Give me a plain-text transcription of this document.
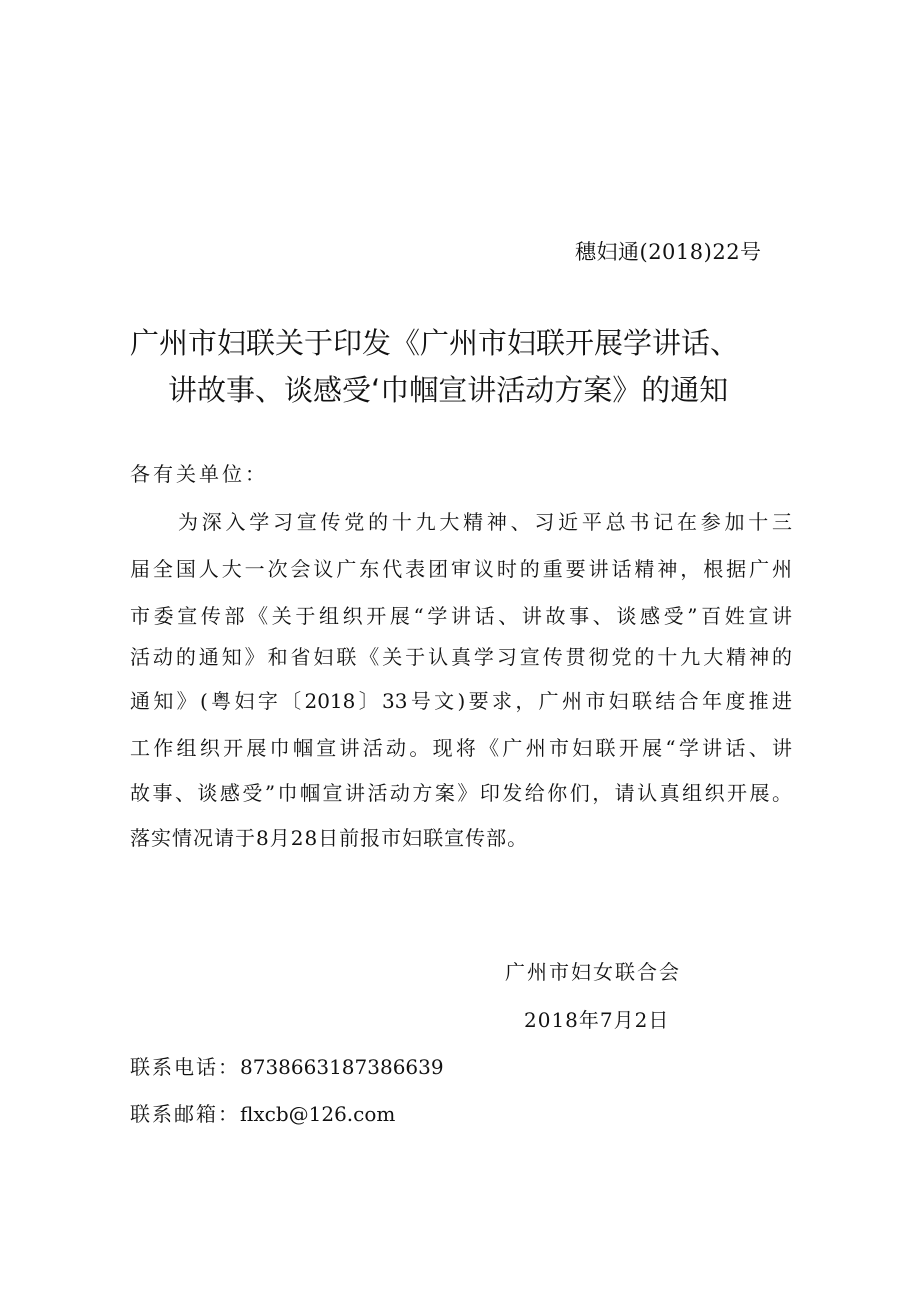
穗妇通(2018)22号
广州市妇联关于印发《广州市妇联开展学讲话、
讲故事、谈感受‘巾帼宣讲活动方案》的通知
各有关单位：
为深入学习宣传党的十九大精神、习近平总书记在参加十三
届全国人大一次会议广东代表团审议时的重要讲话精神，根据广州
市委宣传部《关于组织开展“学讲话、讲故事、谈感受”百姓宣讲
活动的通知》和省妇联《关于认真学习宣传贯彻党的十九大精神的
通知》(粤妇字〔2018〕33号文)要求，广州市妇联结合年度推进
工作组织开展巾帼宣讲活动。现将《广州市妇联开展“学讲话、讲
故事、谈感受”巾帼宣讲活动方案》印发给你们，请认真组织开展。
落实情况请于8月28日前报市妇联宣传部。
广州市妇女联合会
2018年7月2日
联系电话：8738663187386639
联系邮箱：flxcb@126.com
